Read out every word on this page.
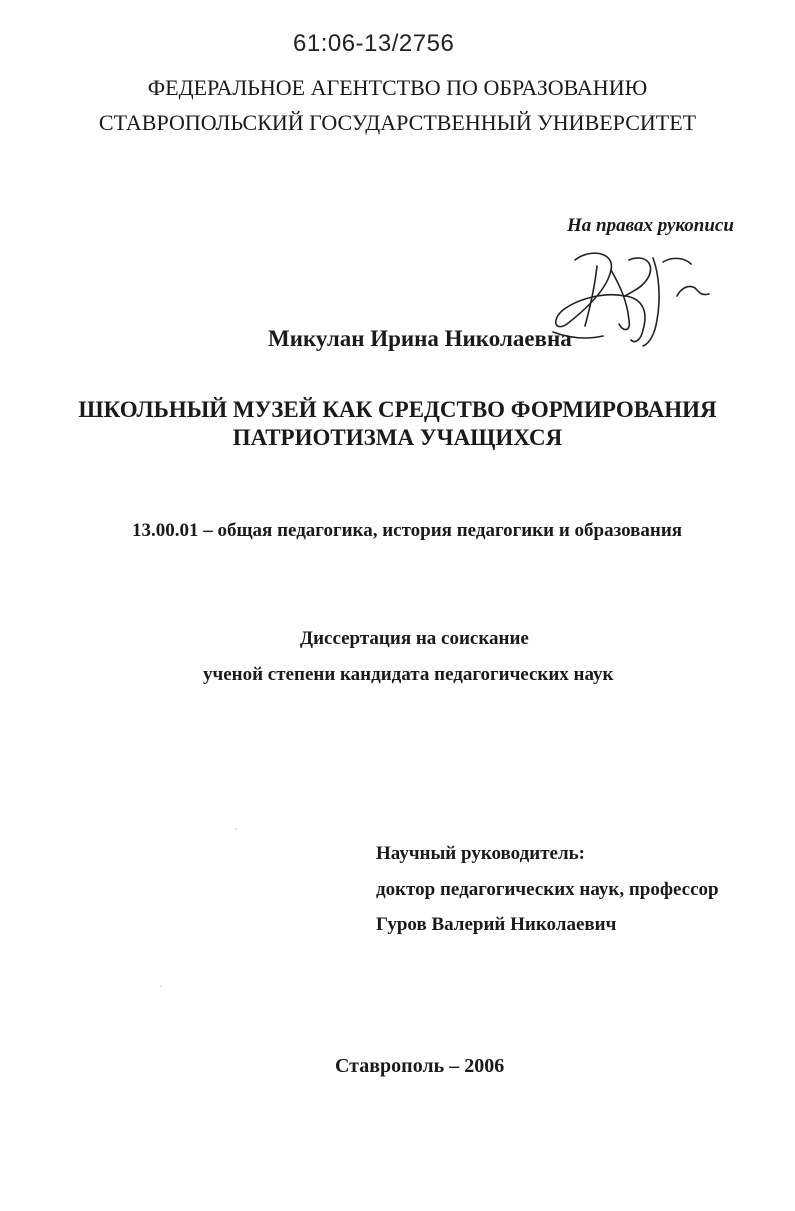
61:06-13/2756
ФЕДЕРАЛЬНОЕ АГЕНТСТВО ПО ОБРАЗОВАНИЮ
СТАВРОПОЛЬСКИЙ ГОСУДАРСТВЕННЫЙ УНИВЕРСИТЕТ
На правах рукописи
Микулан Ирина Николаевна
ШКОЛЬНЫЙ МУЗЕЙ КАК СРЕДСТВО ФОРМИРОВАНИЯ
ПАТРИОТИЗМА УЧАЩИХСЯ
13.00.01 – общая педагогика, история педагогики и образования
Диссертация на соискание
ученой степени кандидата педагогических наук
Научный руководитель:
доктор педагогических наук, профессор
Гуров Валерий Николаевич
Ставрополь – 2006
